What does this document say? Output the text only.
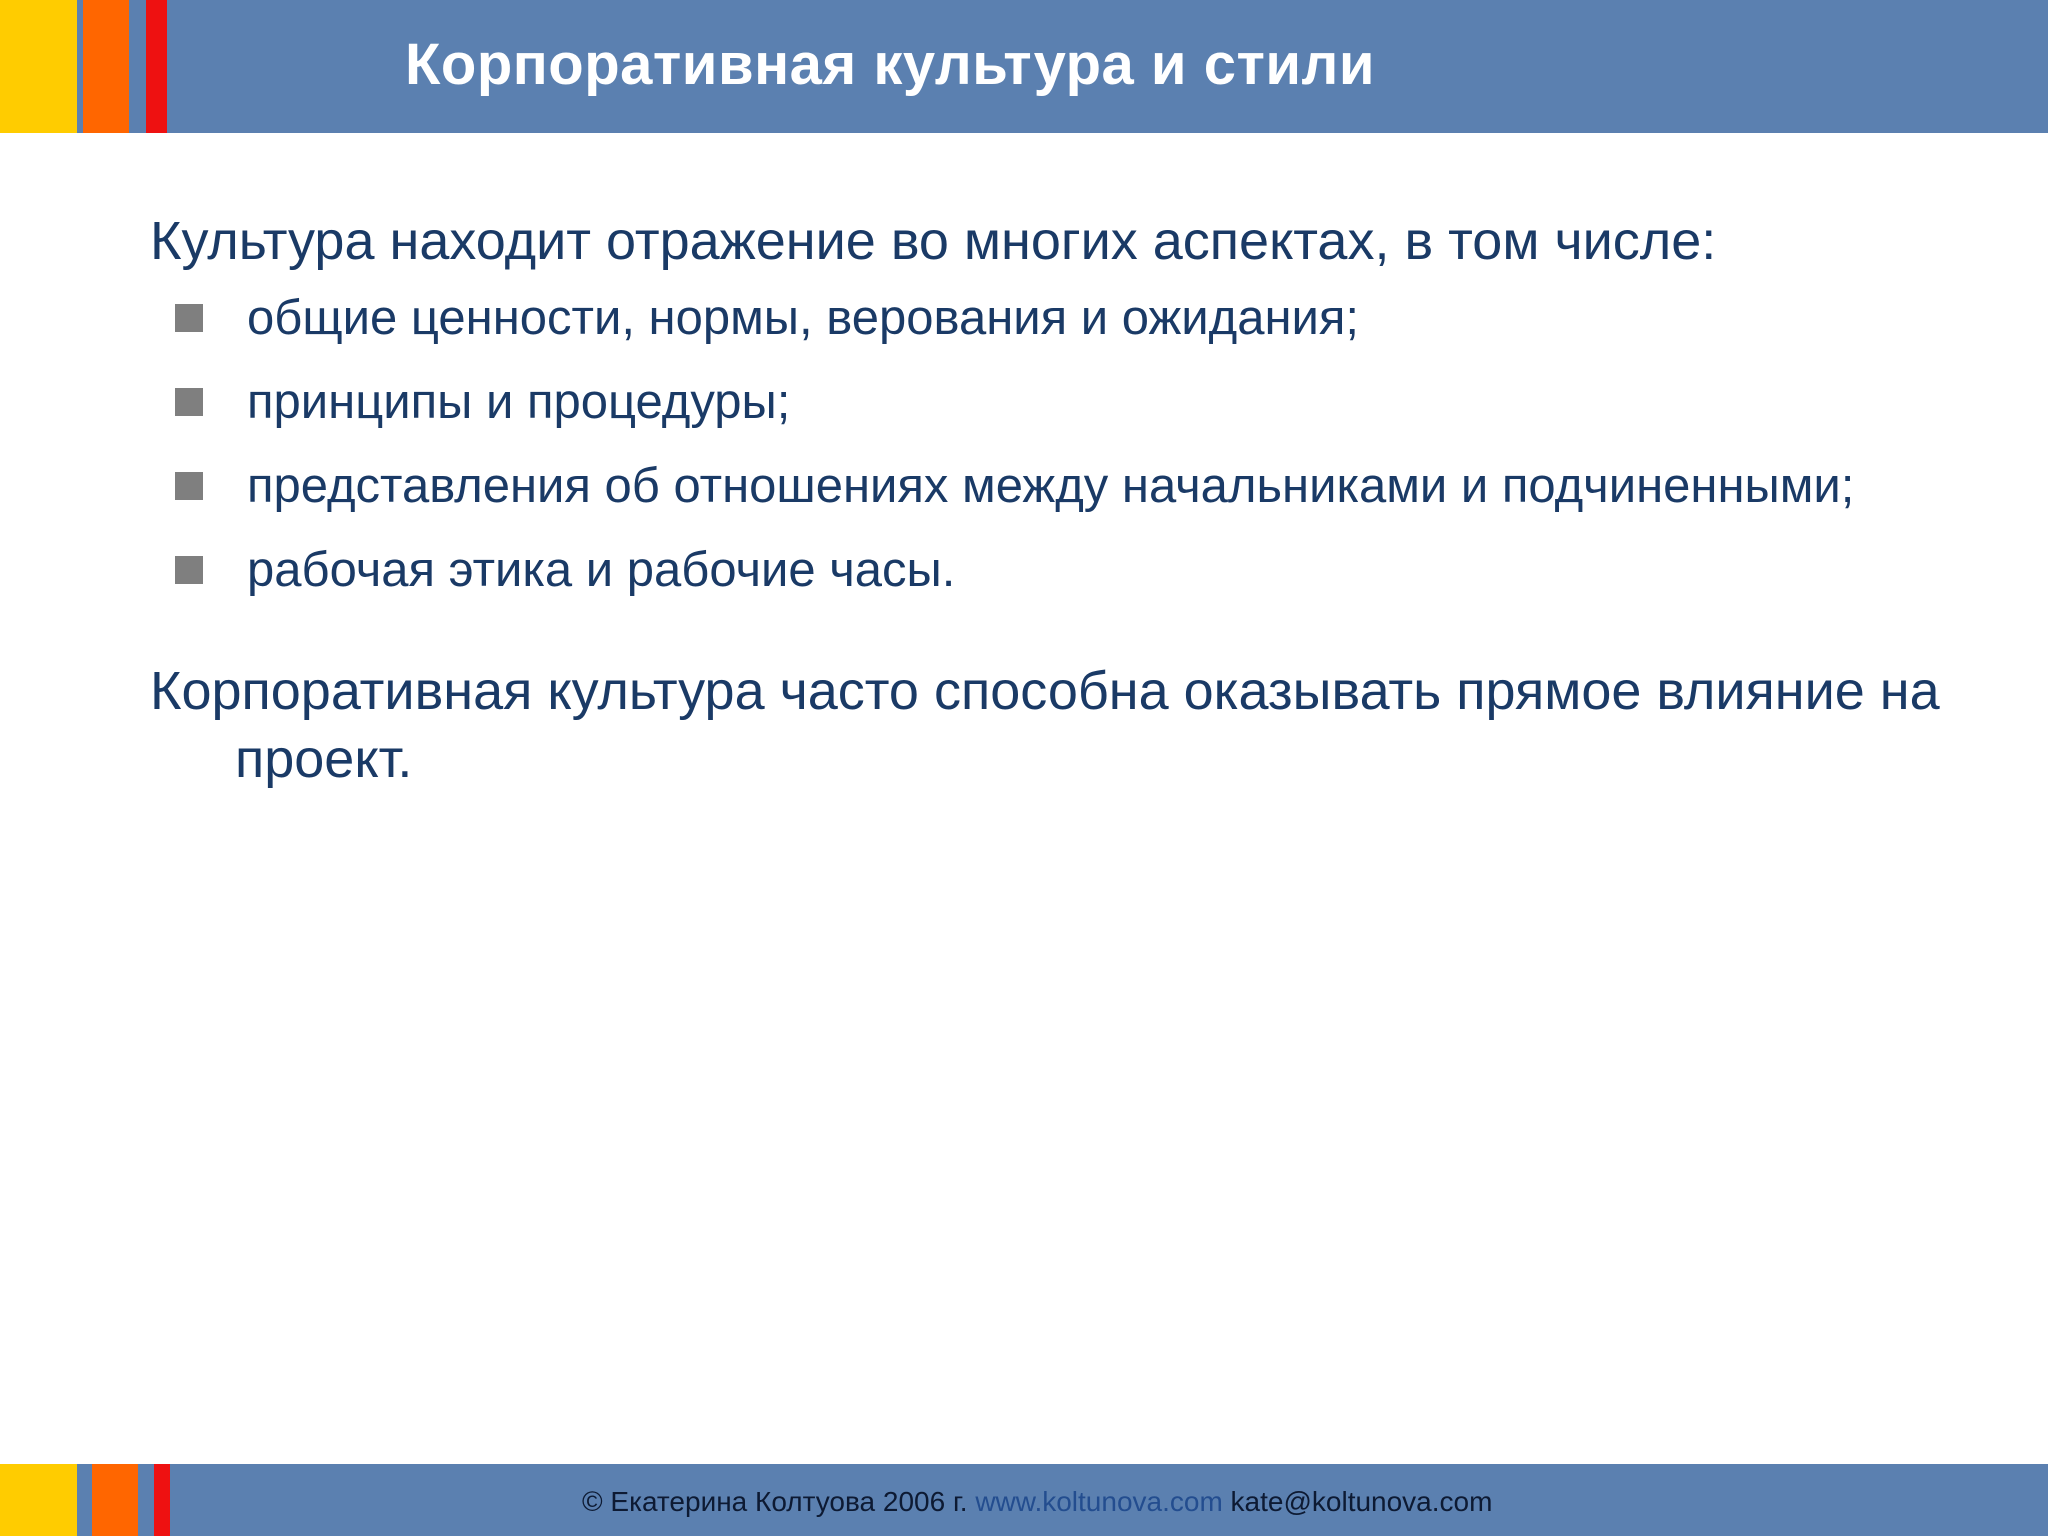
Корпоративная культура и стили
Культура находит отражение во многих аспектах, в том числе:
общие ценности, нормы, верования и ожидания;
принципы и процедуры;
представления об отношениях между начальниками и подчиненными;
рабочая этика и рабочие часы.
Корпоративная культура часто способна оказывать прямое влияние на проект.
© Екатерина Колтуова 2006 г. www.koltunova.com kate@koltunova.com
